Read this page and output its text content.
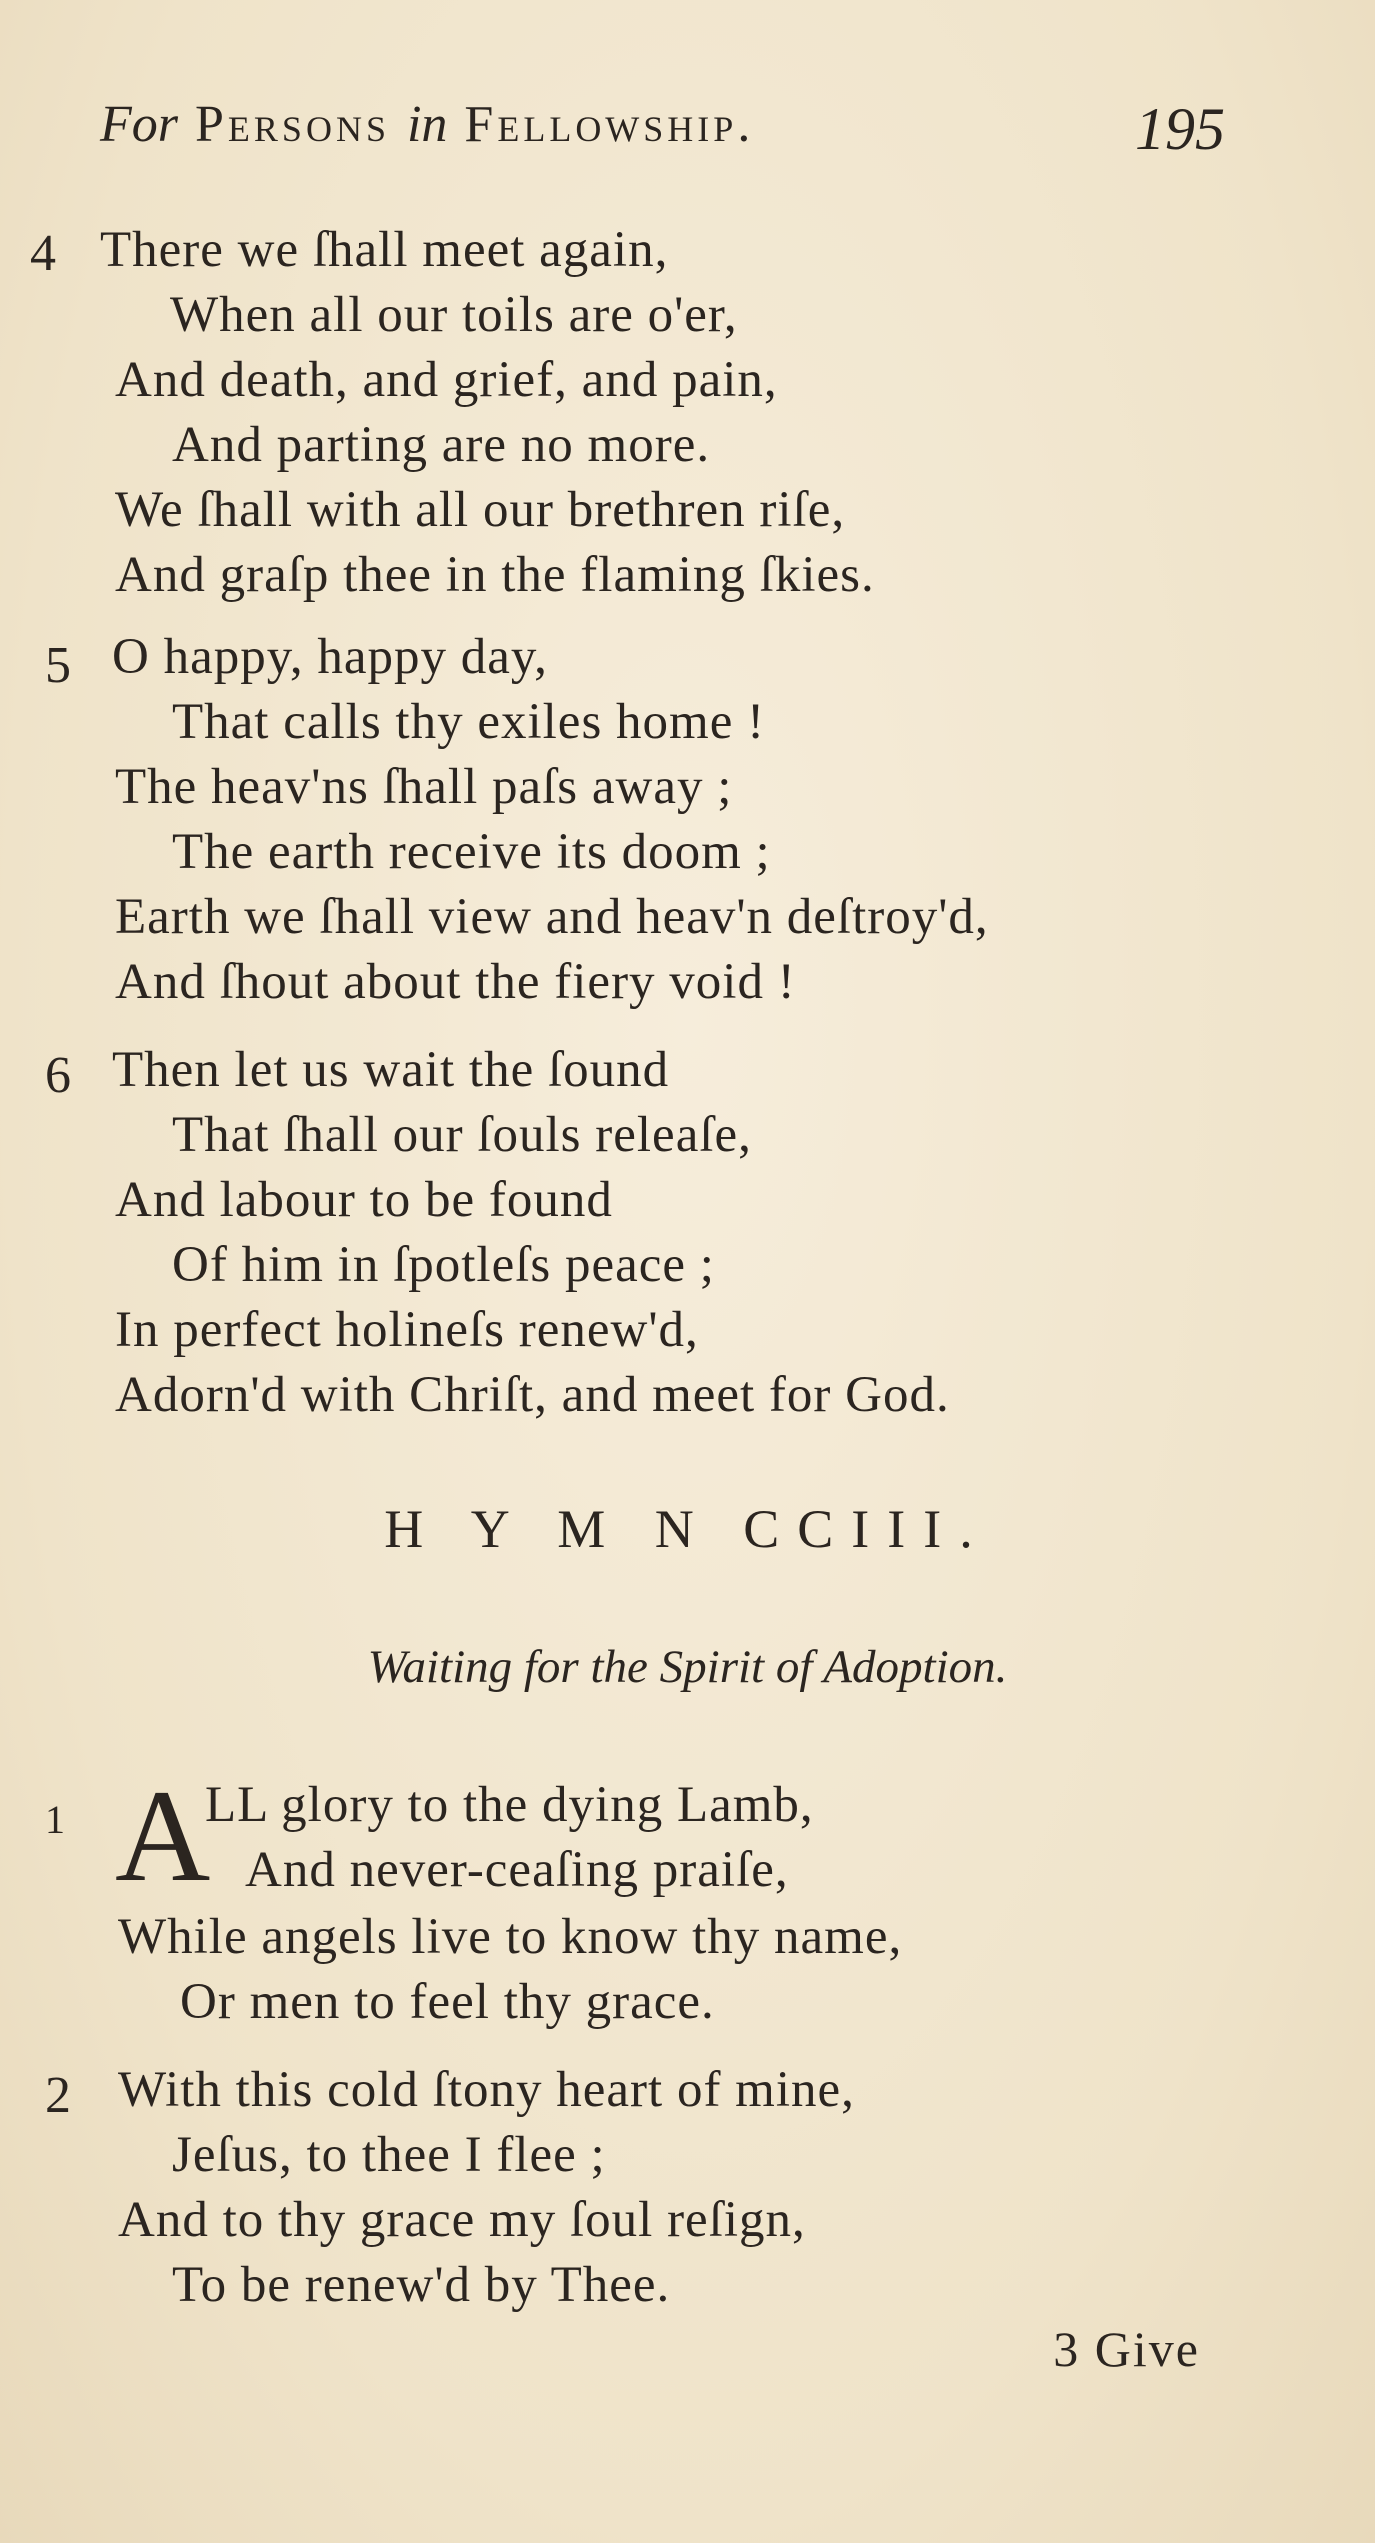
For Persons in Fellowship.	195
4 There we ſhall meet again,
When all our toils are o'er,
And death, and grief, and pain,
And parting are no more.
We ſhall with all our brethren riſe,
And graſp thee in the flaming ſkies.
5 O happy, happy day,
That calls thy exiles home !
The heav'ns ſhall paſs away ;
The earth receive its doom ;
Earth we ſhall view and heav'n deſtroy'd,
And ſhout about the fiery void !
6 Then let us wait the ſound
That ſhall our ſouls releaſe,
And labour to be found
Of him in ſpotleſs peace ;
In perfect holineſs renew'd,
Adorn'd with Chriſt, and meet for God.
H Y M N CCIII.
Waiting for the Spirit of Adoption.
1 A
LL glory to the dying Lamb,
And never-ceaſing praiſe,
While angels live to know thy name,
Or men to feel thy grace.
2 With this cold ſtony heart of mine,
Jeſus, to thee I flee ;
And to thy grace my ſoul reſign,
To be renew'd by Thee.
3 Give
